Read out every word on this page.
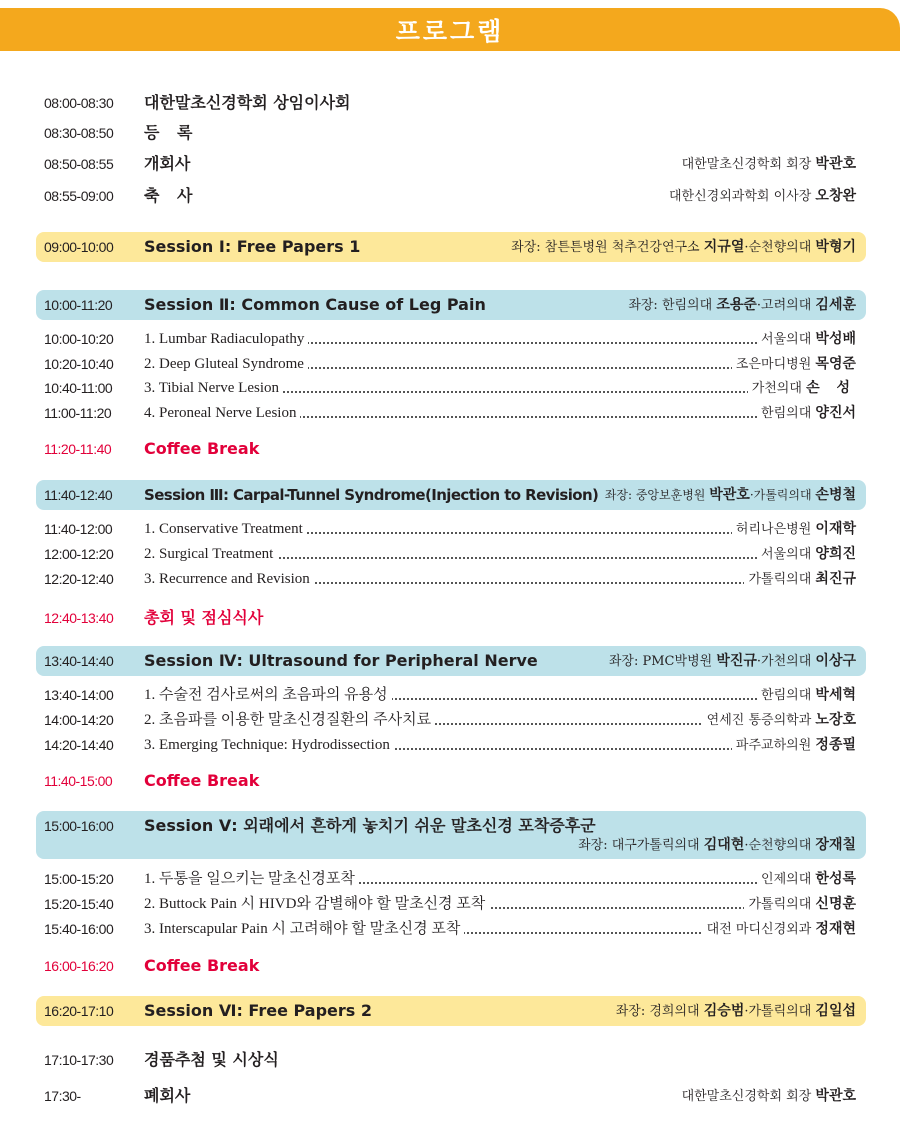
프로그램
08:00-08:30 대한말초신경학회 상임이사회
08:30-08:50 등 록
08:50-08:55 개회사	대한말초신경학회 회장 박관호
08:55-09:00 축 사	대한신경외과학회 이사장 오창완
09:00-10:00 Session Ⅰ: Free Papers 1	좌장: 참튼튼병원 척추건강연구소 지규열·순천향의대 박형기
10:00-11:20 Session Ⅱ: Common Cause of Leg Pain	좌장: 한림의대 조용준·고려의대 김세훈
10:00-10:20 1. Lumbar Radiaculopathy	서울의대 박성배
10:20-10:40 2. Deep Gluteal Syndrome	조은마디병원 목영준
10:40-11:00 3. Tibial Nerve Lesion	가천의대 손 성
11:00-11:20 4. Peroneal Nerve Lesion	한림의대 양진서
11:20-11:40 Coffee Break
11:40-12:40 Session Ⅲ: Carpal-Tunnel Syndrome(Injection to Revision) 좌장: 중앙보훈병원 박관호·가톨릭의대 손병철
11:40-12:00 1. Conservative Treatment	허리나은병원 이재학
12:00-12:20 2. Surgical Treatment	서울의대 양희진
12:20-12:40 3. Recurrence and Revision	가톨릭의대 최진규
12:40-13:40 총회 및 점심식사
13:40-14:40 Session Ⅳ: Ultrasound for Peripheral Nerve	좌장: PMC박병원 박진규·가천의대 이상구
13:40-14:00 1. 수술전 검사로써의 초음파의 유용성	한림의대 박세혁
14:00-14:20 2. 초음파를 이용한 말초신경질환의 주사치료	연세진 통증의학과 노장호
14:20-14:40 3. Emerging Technique: Hydrodissection	파주교하의원 정종필
11:40-15:00 Coffee Break
15:00-16:00 Session Ⅴ: 외래에서 흔하게 놓치기 쉬운 말초신경 포착증후군
좌장: 대구가톨릭의대 김대현·순천향의대 장재칠
15:00-15:20 1. 두통을 일으키는 말초신경포착	인제의대 한성록
15:20-15:40 2. Buttock Pain 시 HIVD와 감별해야 할 말초신경 포착	가톨릭의대 신명훈
15:40-16:00 3. Interscapular Pain 시 고려해야 할 말초신경 포착	대전 마디신경외과 정재현
16:00-16:20 Coffee Break
16:20-17:10 Session Ⅵ: Free Papers 2	좌장: 경희의대 김승범·가톨릭의대 김일섭
17:10-17:30 경품추첨 및 시상식
17:30-	폐회사	대한말초신경학회 회장 박관호
